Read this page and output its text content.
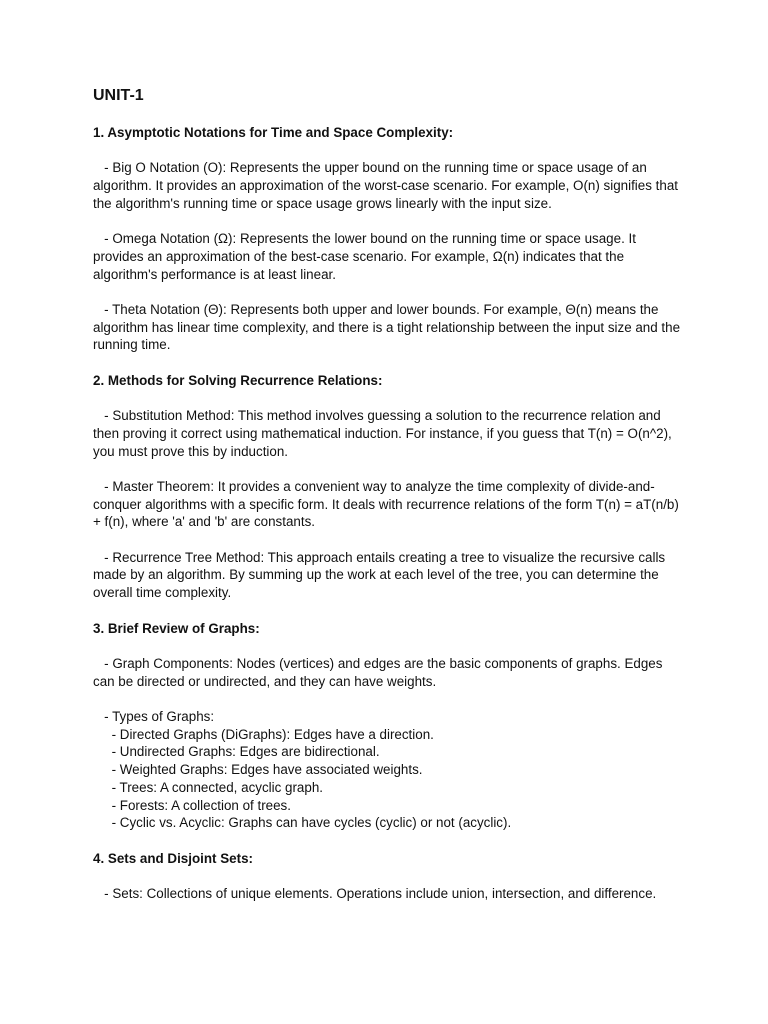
UNIT-1
1. Asymptotic Notations for Time and Space Complexity:
- Big O Notation (O): Represents the upper bound on the running time or space usage of an algorithm. It provides an approximation of the worst-case scenario. For example, O(n) signifies that the algorithm's running time or space usage grows linearly with the input size.
- Omega Notation (Ω): Represents the lower bound on the running time or space usage. It provides an approximation of the best-case scenario. For example, Ω(n) indicates that the algorithm's performance is at least linear.
- Theta Notation (Θ): Represents both upper and lower bounds. For example, Θ(n) means the algorithm has linear time complexity, and there is a tight relationship between the input size and the running time.
2. Methods for Solving Recurrence Relations:
- Substitution Method: This method involves guessing a solution to the recurrence relation and then proving it correct using mathematical induction. For instance, if you guess that T(n) = O(n^2), you must prove this by induction.
- Master Theorem: It provides a convenient way to analyze the time complexity of divide-and-conquer algorithms with a specific form. It deals with recurrence relations of the form T(n) = aT(n/b) + f(n), where 'a' and 'b' are constants.
- Recurrence Tree Method: This approach entails creating a tree to visualize the recursive calls made by an algorithm. By summing up the work at each level of the tree, you can determine the overall time complexity.
3. Brief Review of Graphs:
- Graph Components: Nodes (vertices) and edges are the basic components of graphs. Edges can be directed or undirected, and they can have weights.
- Types of Graphs:
- Directed Graphs (DiGraphs): Edges have a direction.
- Undirected Graphs: Edges are bidirectional.
- Weighted Graphs: Edges have associated weights.
- Trees: A connected, acyclic graph.
- Forests: A collection of trees.
- Cyclic vs. Acyclic: Graphs can have cycles (cyclic) or not (acyclic).
4. Sets and Disjoint Sets:
- Sets: Collections of unique elements. Operations include union, intersection, and difference.
